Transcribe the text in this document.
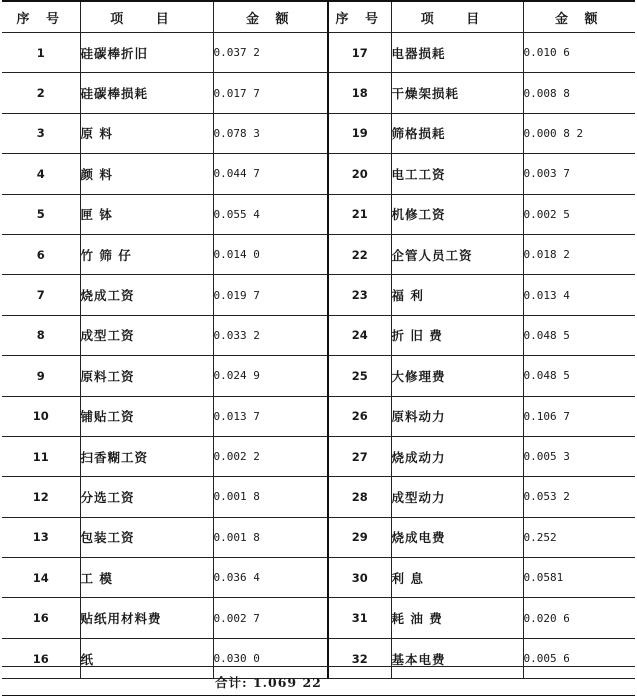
序 号	项 目	金 额	序 号	项 目	金 额
1	硅碳棒折旧	0.037 2	17	电器损耗	0.010 6
2	硅碳棒损耗	0.017 7	18	干燥架损耗	0.008 8
3	原 料	0.078 3	19	筛格损耗	0.000 8 2
4	颜 料	0.044 7	20	电工工资	0.003 7
5	匣 钵	0.055 4	21	机修工资	0.002 5
6	竹 筛 仔	0.014 0	22	企管人员工资	0.018 2
7	烧成工资	0.019 7	23	福 利	0.013 4
8	成型工资	0.033 2	24	折 旧 费	0.048 5
9	原料工资	0.024 9	25	大修理费	0.048 5
10	铺贴工资	0.013 7	26	原料动力	0.106 7
11	扫香糊工资	0.002 2	27	烧成动力	0.005 3
12	分选工资	0.001 8	28	成型动力	0.053 2
13	包装工资	0.001 8	29	烧成电费	0.252
14	工 模	0.036 4	30	利 息	0.0581
16	贴纸用材料费	0.002 7	31	耗 油 费	0.020 6
16	纸	0.030 0	32	基本电费	0.005 6
合计: 1.069 22
